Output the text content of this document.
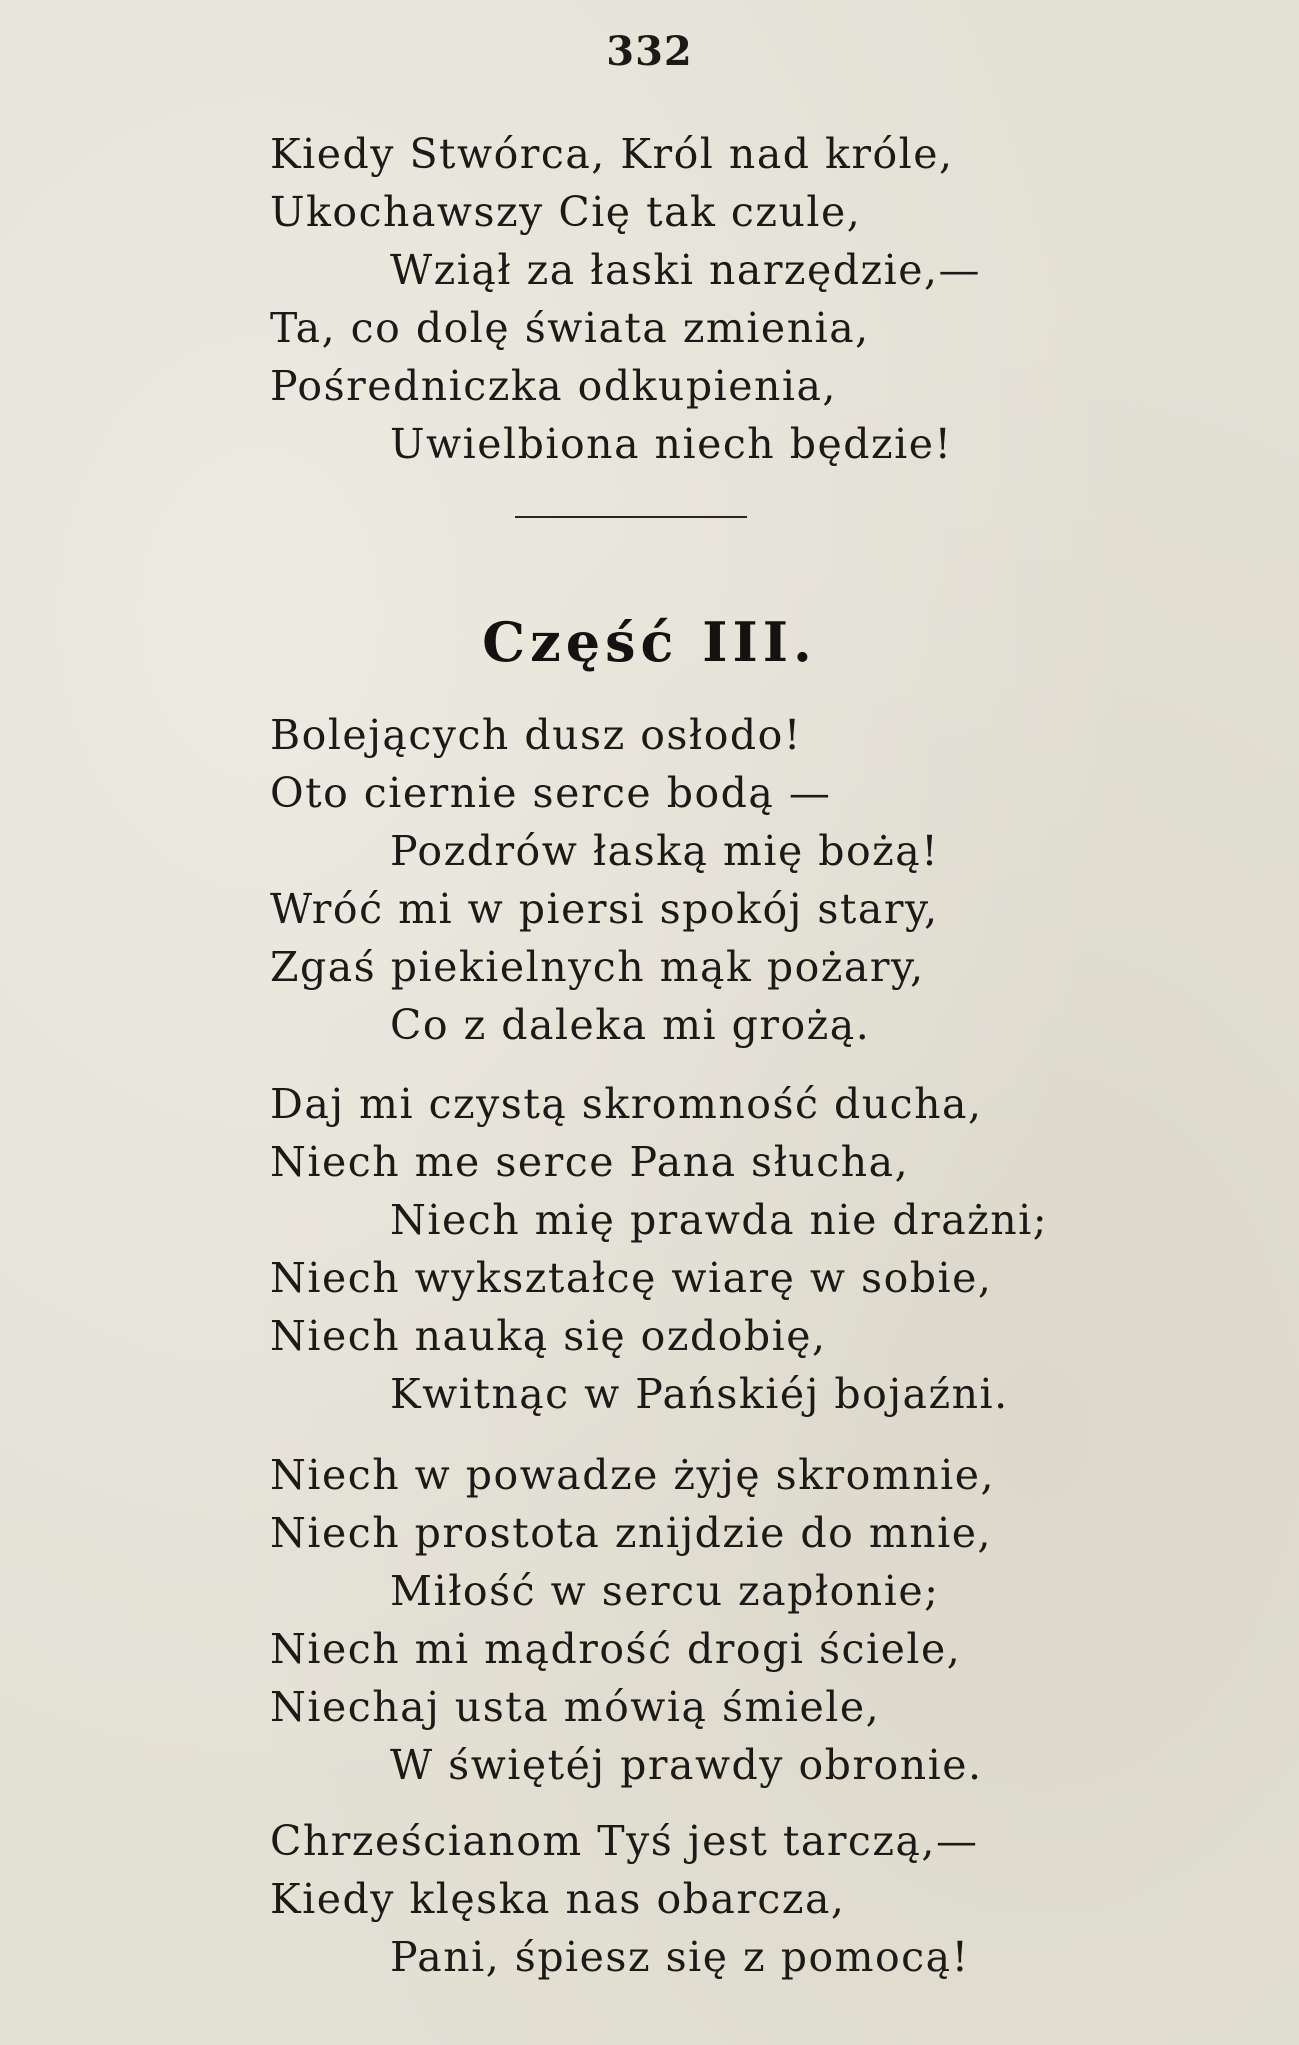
332
Kiedy Stwórca, Król nad króle,
Ukochawszy Cię tak czule,
Wziął za łaski narzędzie,—
Ta, co dolę świata zmienia,
Pośredniczka odkupienia,
Uwielbiona niech będzie!
Część III.
Bolejących dusz osłodo!
Oto ciernie serce bodą —
Pozdrów łaską mię bożą!
Wróć mi w piersi spokój stary,
Zgaś piekielnych mąk pożary,
Co z daleka mi grożą.
Daj mi czystą skromność ducha,
Niech me serce Pana słucha,
Niech mię prawda nie drażni;
Niech wykształcę wiarę w sobie,
Niech nauką się ozdobię,
Kwitnąc w Pańskiéj bojaźni.
Niech w powadze żyję skromnie,
Niech prostota znijdzie do mnie,
Miłość w sercu zapłonie;
Niech mi mądrość drogi ściele,
Niechaj usta mówią śmiele,
W świętéj prawdy obronie.
Chrześcianom Tyś jest tarczą,—
Kiedy klęska nas obarcza,
Pani, śpiesz się z pomocą!
